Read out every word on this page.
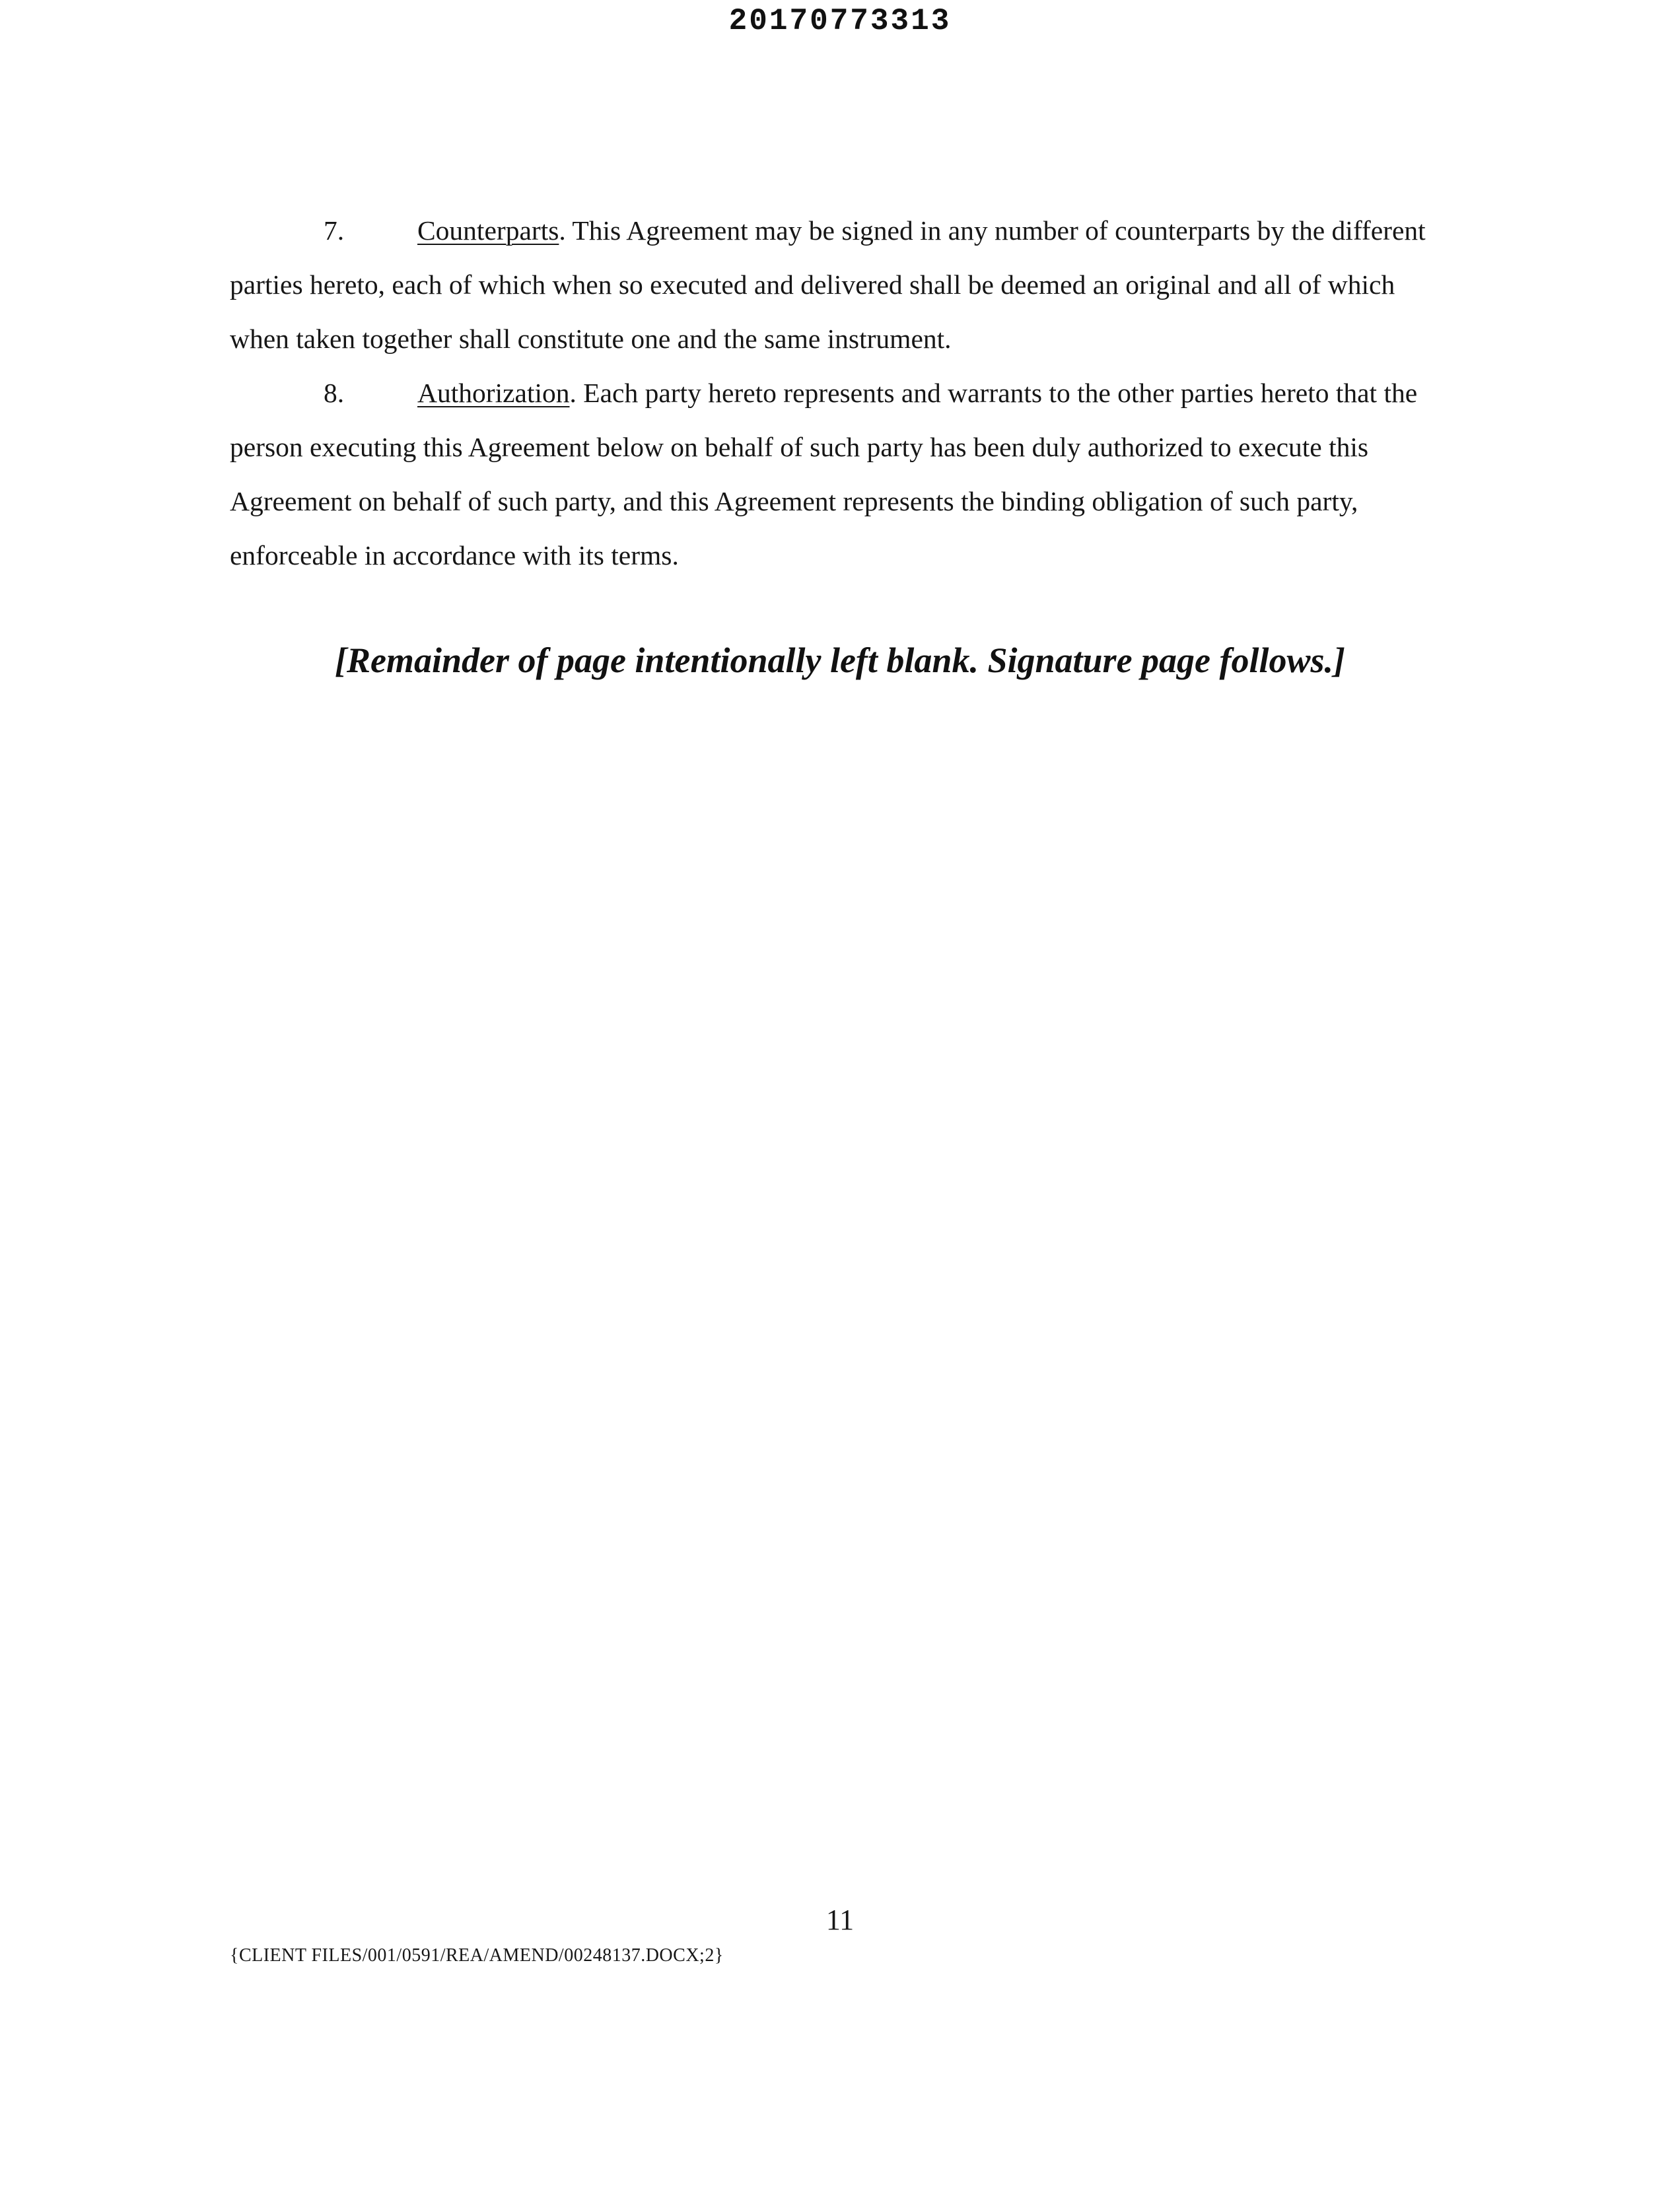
20170773313

7.	Counterparts. This Agreement may be signed in any number of counterparts by the different parties hereto, each of which when so executed and delivered shall be deemed an original and all of which when taken together shall constitute one and the same instrument.

8.	Authorization. Each party hereto represents and warrants to the other parties hereto that the person executing this Agreement below on behalf of such party has been duly authorized to execute this Agreement on behalf of such party, and this Agreement represents the binding obligation of such party, enforceable in accordance with its terms.

[Remainder of page intentionally left blank. Signature page follows.]
11
{CLIENT FILES/001/0591/REA/AMEND/00248137.DOCX;2}
